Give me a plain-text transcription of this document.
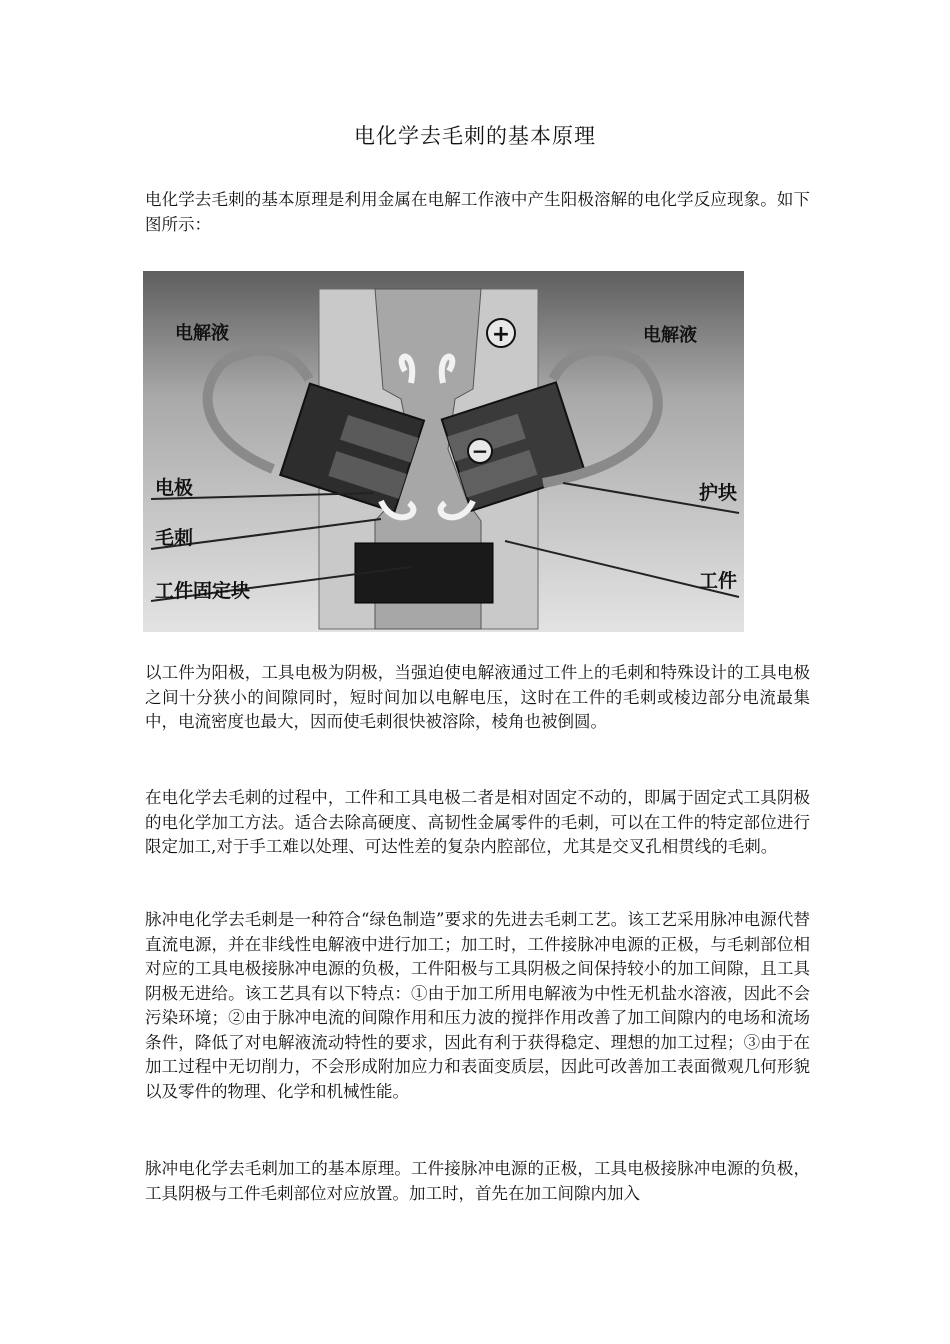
电化学去毛刺的基本原理
电化学去毛刺的基本原理是利用金属在电解工作液中产生阳极溶解的电化学反应现象。如下图所示：
−
+
电解液	电解液
电极
毛刺
工件固定块
护块
工件
以工件为阳极，工具电极为阴极，当强迫使电解液通过工件上的毛刺和特殊设计的工具电极之间十分狭小的间隙同时，短时间加以电解电压，这时在工件的毛刺或棱边部分电流最集中，电流密度也最大，因而使毛刺很快被溶除，棱角也被倒圆。
在电化学去毛刺的过程中，工件和工具电极二者是相对固定不动的，即属于固定式工具阴极的电化学加工方法。适合去除高硬度、高韧性金属零件的毛刺，可以在工件的特定部位进行限定加工,对于手工难以处理、可达性差的复杂内腔部位，尤其是交叉孔相贯线的毛刺。
脉冲电化学去毛刺是一种符合“绿色制造”要求的先进去毛刺工艺。该工艺采用脉冲电源代替直流电源，并在非线性电解液中进行加工；加工时，工件接脉冲电源的正极，与毛刺部位相对应的工具电极接脉冲电源的负极，工件阳极与工具阴极之间保持较小的加工间隙，且工具阴极无进给。该工艺具有以下特点：①由于加工所用电解液为中性无机盐水溶液，因此不会污染环境；②由于脉冲电流的间隙作用和压力波的搅拌作用改善了加工间隙内的电场和流场条件，降低了对电解液流动特性的要求，因此有利于获得稳定、理想的加工过程；③由于在加工过程中无切削力，不会形成附加应力和表面变质层，因此可改善加工表面微观几何形貌以及零件的物理、化学和机械性能。
脉冲电化学去毛刺加工的基本原理。工件接脉冲电源的正极，工具电极接脉冲电源的负极，工具阴极与工件毛刺部位对应放置。加工时，首先在加工间隙内加入
